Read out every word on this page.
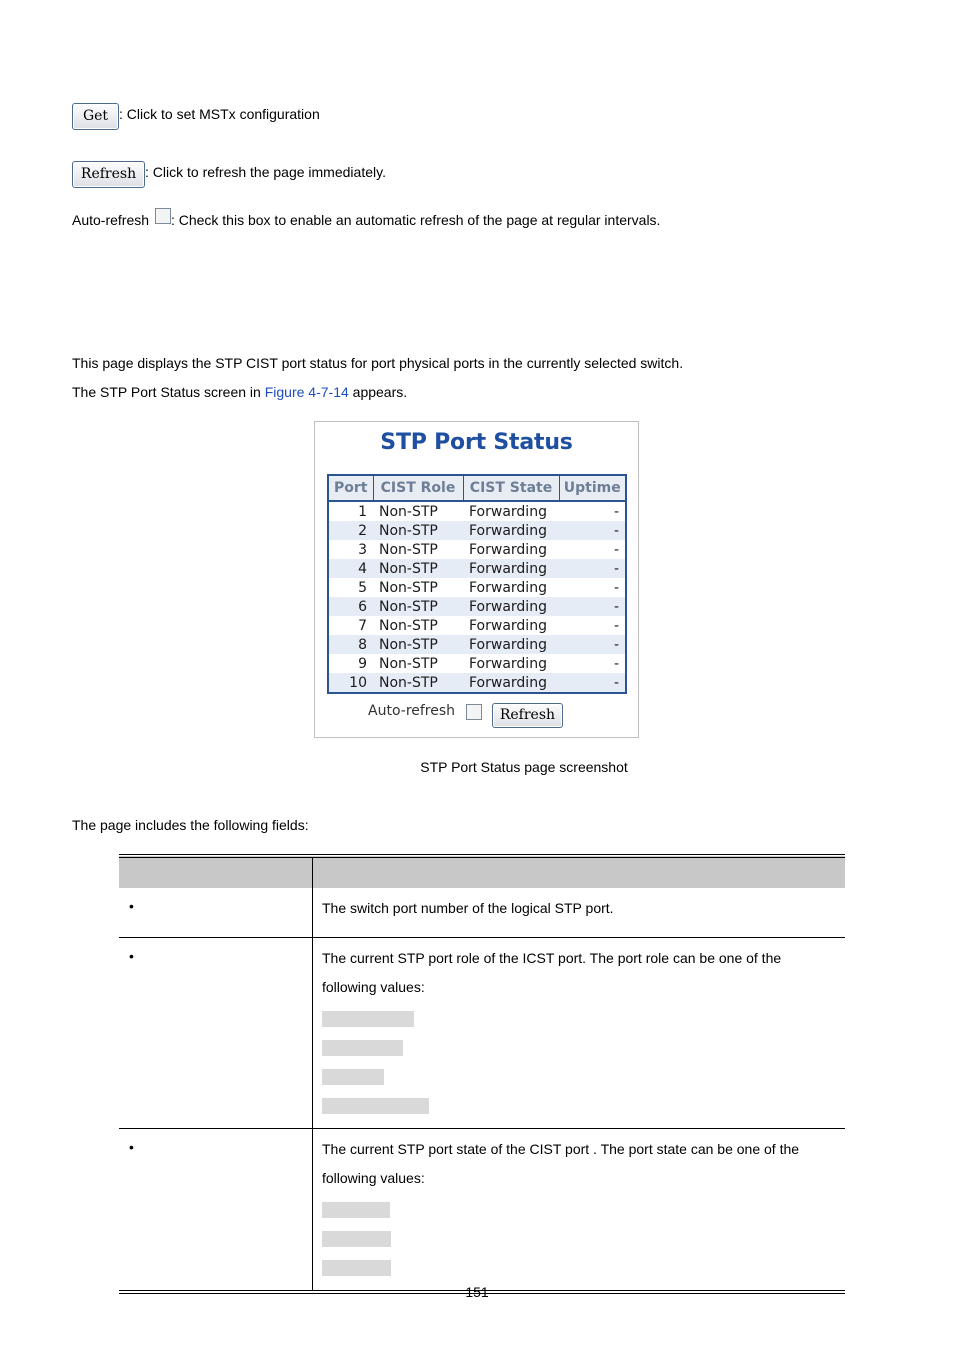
Get : Click to set MSTx configuration
Refresh : Click to refresh the page immediately.
Auto-refresh : Check this box to enable an automatic refresh of the page at regular intervals.
This page displays the STP CIST port status for port physical ports in the currently selected switch.
The STP Port Status screen in Figure 4-7-14 appears.
STP Port Status
Port	CIST Role	CIST State	Uptime
1	Non-STP	Forwarding	-
2	Non-STP	Forwarding	-
3	Non-STP	Forwarding	-
4	Non-STP	Forwarding	-
5	Non-STP	Forwarding	-
6	Non-STP	Forwarding	-
7	Non-STP	Forwarding	-
8	Non-STP	Forwarding	-
9	Non-STP	Forwarding	-
10	Non-STP	Forwarding	-
Auto-refresh	Refresh
STP Port Status page screenshot
The page includes the following fields:

•	The switch port number of the logical STP port.

•	The current STP port role of the ICST port. The port role can be one of the following values:

•	The current STP port state of the CIST port . The port state can be one of the following values:
151
